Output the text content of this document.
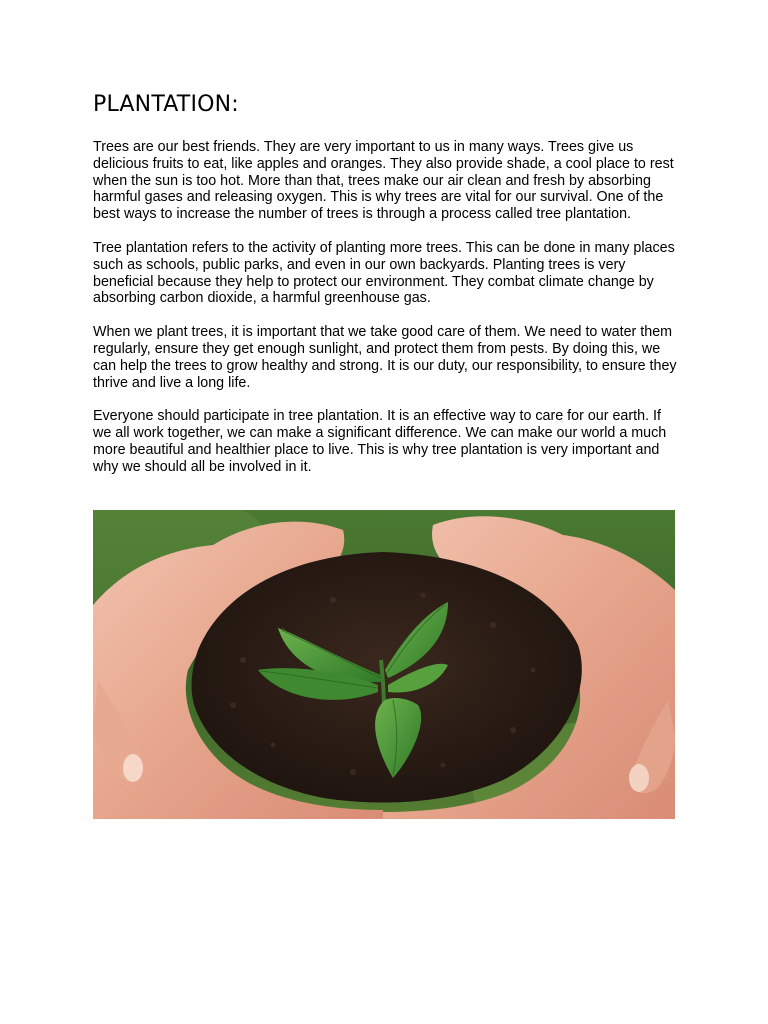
PLANTATION:

Trees are our best friends. They are very important to us in many ways. Trees give us delicious fruits to eat, like apples and oranges. They also provide shade, a cool place to rest when the sun is too hot. More than that, trees make our air clean and fresh by absorbing harmful gases and releasing oxygen. This is why trees are vital for our survival. One of the best ways to increase the number of trees is through a process called tree plantation.

Tree plantation refers to the activity of planting more trees. This can be done in many places such as schools, public parks, and even in our own backyards. Planting trees is very beneficial because they help to protect our environment. They combat climate change by absorbing carbon dioxide, a harmful greenhouse gas.

When we plant trees, it is important that we take good care of them. We need to water them regularly, ensure they get enough sunlight, and protect them from pests. By doing this, we can help the trees to grow healthy and strong. It is our duty, our responsibility, to ensure they thrive and live a long life.

Everyone should participate in tree plantation. It is an effective way to care for our earth. If we all work together, we can make a significant difference. We can make our world a much more beautiful and healthier place to live. This is why tree plantation is very important and why we should all be involved in it.
